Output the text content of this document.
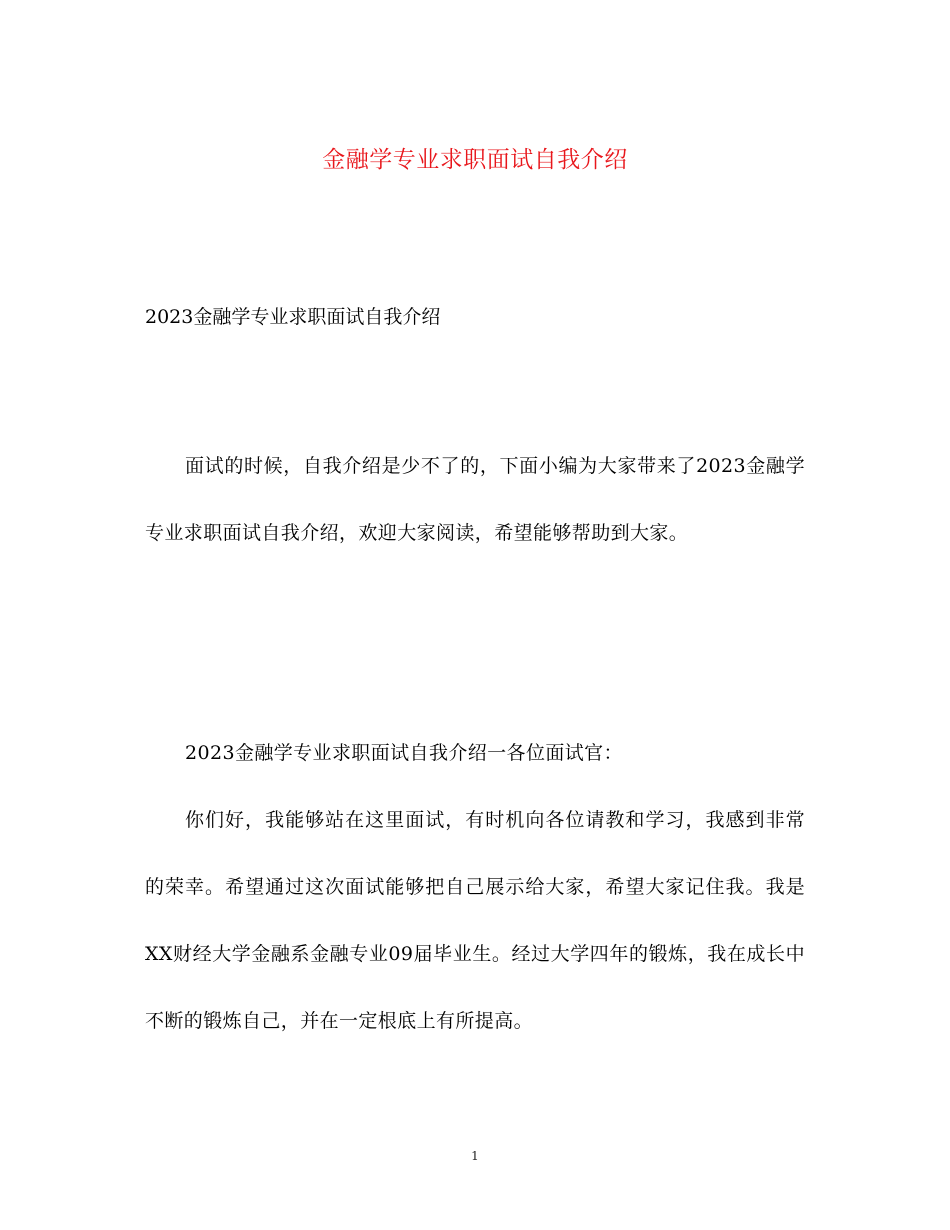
金融学专业求职面试自我介绍

2023金融学专业求职面试自我介绍

面试的时候，自我介绍是少不了的，下面小编为大家带来了2023金融学专业求职面试自我介绍，欢迎大家阅读，希望能够帮助到大家。

2023金融学专业求职面试自我介绍一各位面试官：

你们好，我能够站在这里面试，有时机向各位请教和学习，我感到非常的荣幸。希望通过这次面试能够把自己展示给大家，希望大家记住我。我是XX财经大学金融系金融专业09届毕业生。经过大学四年的锻炼，我在成长中不断的锻炼自己，并在一定根底上有所提高。

1
